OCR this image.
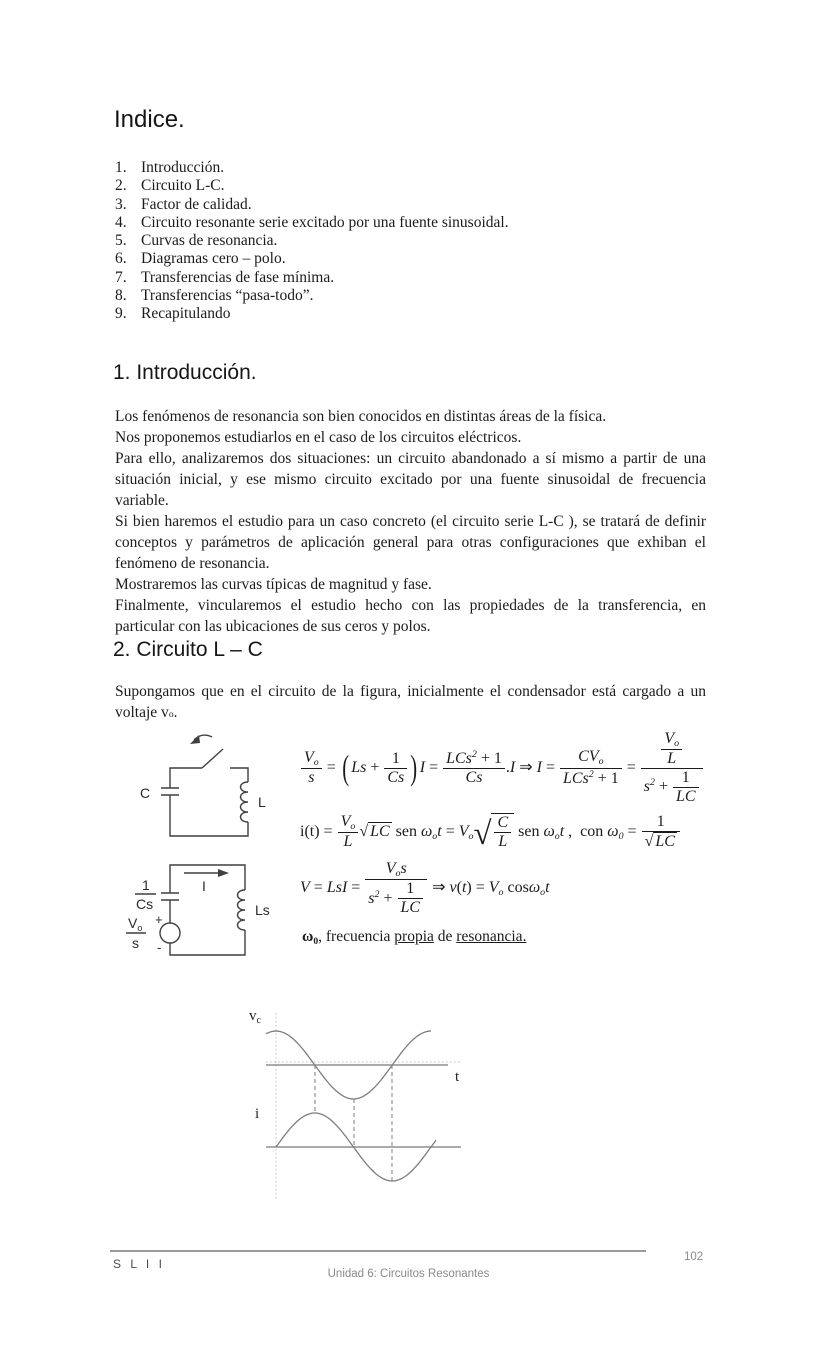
Indice.
1. Introducción.
2. Circuito L-C.
3. Factor de calidad.
4. Circuito resonante serie excitado por una fuente sinusoidal.
5. Curvas de resonancia.
6. Diagramas cero – polo.
7. Transferencias de fase mínima.
8. Transferencias “pasa-todo”.
9. Recapitulando
1. Introducción.

Los fenómenos de resonancia son bien conocidos en distintas áreas de la física.

Nos proponemos estudiarlos en el caso de los circuitos eléctricos.

Para ello, analizaremos dos situaciones: un circuito abandonado a sí mismo a partir de una situación inicial, y ese mismo circuito excitado por una fuente sinusoidal de frecuencia variable.

Si bien haremos el estudio para un caso concreto (el circuito serie L-C ), se tratará de definir conceptos y parámetros de aplicación general para otras configuraciones que exhiban el fenómeno de resonancia.

Mostraremos las curvas típicas de magnitud y fase.

Finalmente, vincularemos el estudio hecho con las propiedades de la transferencia, en particular con las ubicaciones de sus ceros y polos.

2. Circuito L – C

Supongamos que en el circuito de la figura, inicialmente el condensador está cargado a un voltaje vo.

C
L
I
1
Cs
$V_o$
s
+
-
Ls
$\frac{Vo}{s}$ = ( $Ls + \frac{1}{Cs}$ ) I =
LCs$^2$ + 1
Cs
.I ⇒ I =
CVo
LCs$^2$ + 1
= $\frac{Vo}{L}$
$s^2 + \frac{1}{LC}$
$i(t) = \frac{Vo}{L}$ √ LC sen $\omega ot = Vo√ \frac{C}{L}$ sen ωot ,  con $\omega 0 = \frac{1}{√ LC}$
V = LsI =
Vos
$s^2 + \frac{1}{LC}$ ⇒ v(t) = Vo cosωot

ω0, frecuencia propia de resonancia.

$v_c$
i
t
S L I I
Unidad 6: Circuitos Resonantes
102
